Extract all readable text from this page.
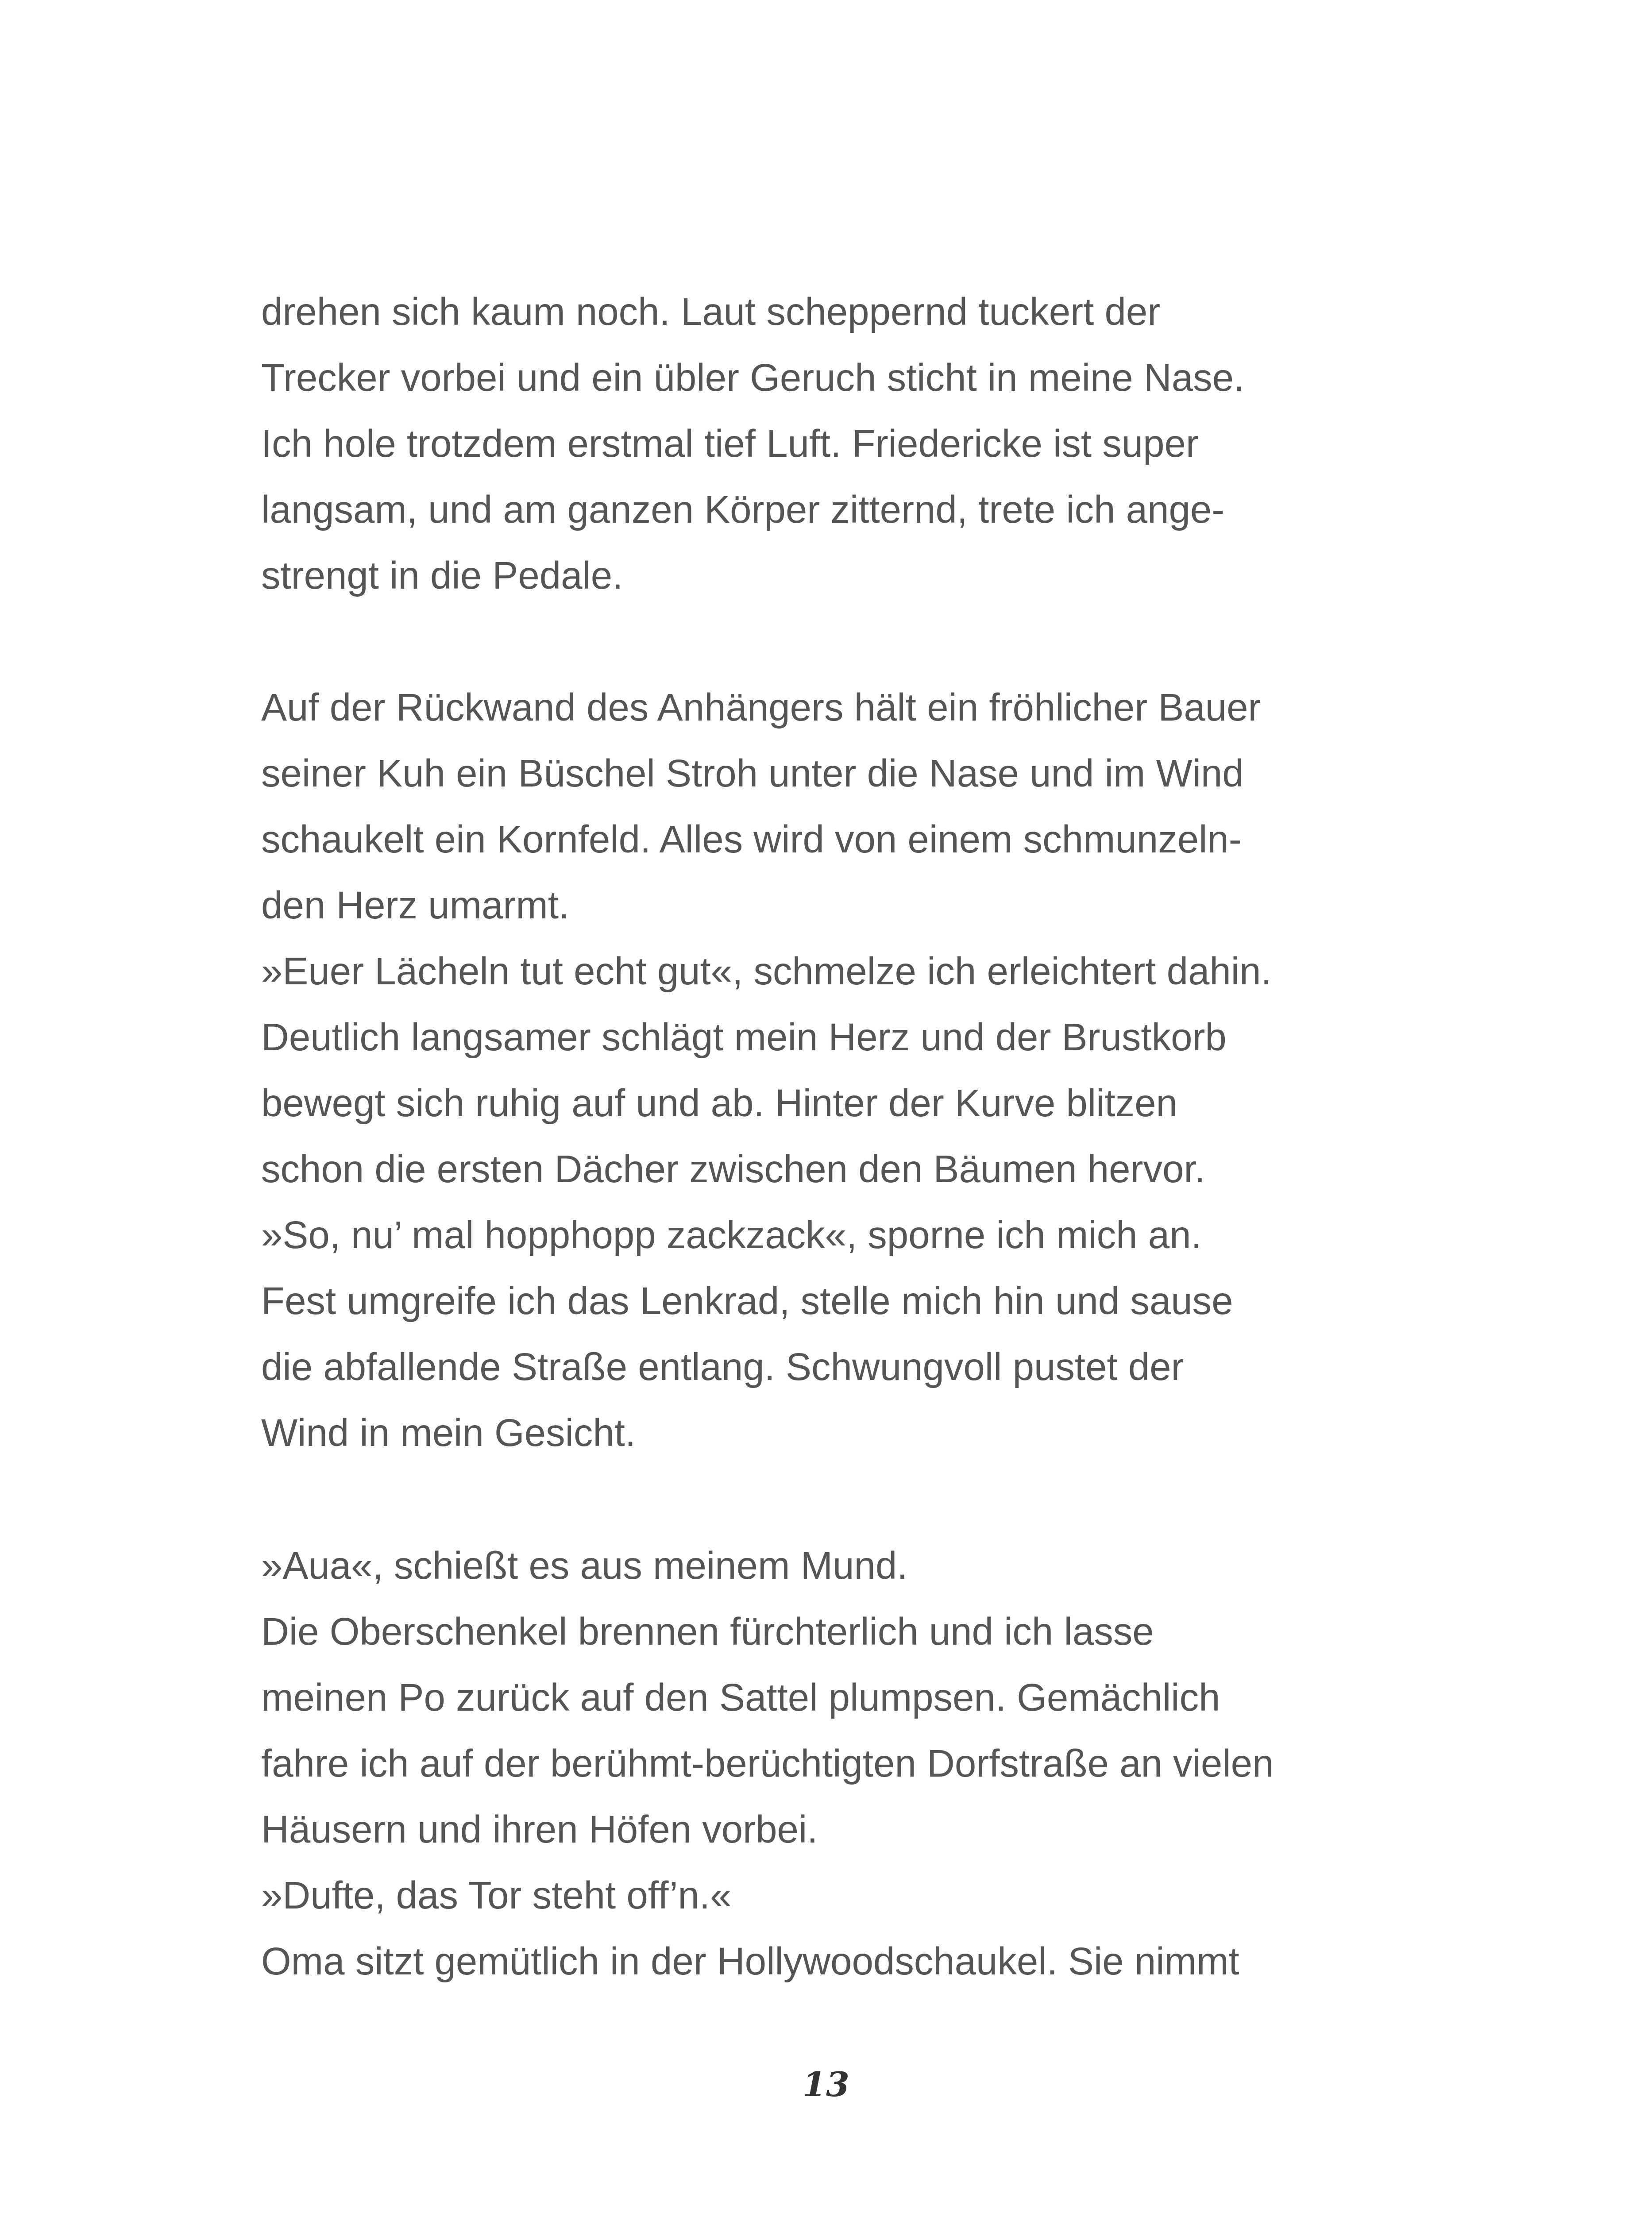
drehen sich kaum noch. Laut scheppernd tuckert der
Trecker vorbei und ein übler Geruch sticht in meine Nase.
Ich hole trotzdem erstmal tief Luft. Friedericke ist super
langsam, und am ganzen Körper zitternd, trete ich ange-
strengt in die Pedale.
Auf der Rückwand des Anhängers hält ein fröhlicher Bauer
seiner Kuh ein Büschel Stroh unter die Nase und im Wind
schaukelt ein Kornfeld. Alles wird von einem schmunzeln-
den Herz umarmt.
»Euer Lächeln tut echt gut«, schmelze ich erleichtert dahin.
Deutlich langsamer schlägt mein Herz und der Brustkorb
bewegt sich ruhig auf und ab. Hinter der Kurve blitzen
schon die ersten Dächer zwischen den Bäumen hervor.
»So, nu’ mal hopphopp zackzack«, sporne ich mich an.
Fest umgreife ich das Lenkrad, stelle mich hin und sause
die abfallende Straße entlang. Schwungvoll pustet der
Wind in mein Gesicht.
»Aua«, schießt es aus meinem Mund.
Die Oberschenkel brennen fürchterlich und ich lasse
meinen Po zurück auf den Sattel plumpsen. Gemächlich
fahre ich auf der berühmt-berüchtigten Dorfstraße an vielen
Häusern und ihren Höfen vorbei.
»Dufte, das Tor steht off’n.«
Oma sitzt gemütlich in der Hollywoodschaukel. Sie nimmt
13
